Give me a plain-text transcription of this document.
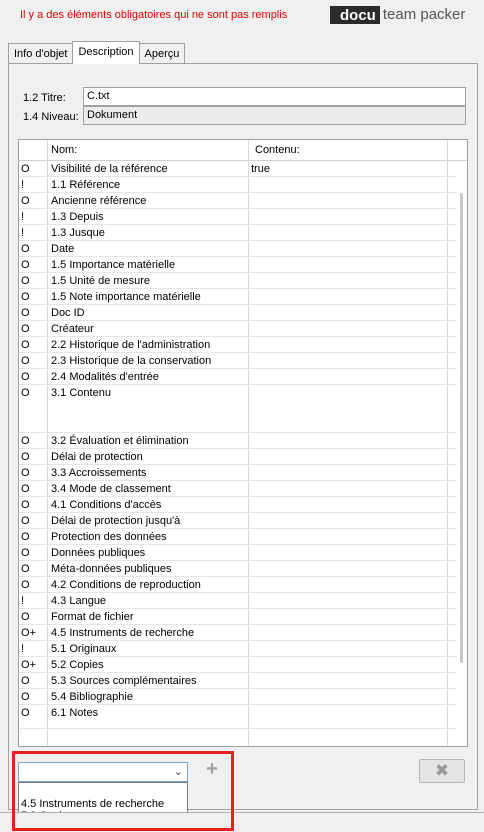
Il y a des éléments obligatoires qui ne sont pas remplis	docu team packer
Info d'objet	Description	Aperçu
1.2 Titre:	C.txt
1.4 Niveau: Dokument
Nom:	Contenu:
O Visibilité de la référence	true
! 1.1 Référence
O Ancienne référence
! 1.3 Depuis
! 1.3 Jusque
O Date
O 1.5 Importance matérielle
O 1.5 Unité de mesure
O 1.5 Note importance matérielle
O Doc ID
O Créateur
O 2.2 Historique de l'administration
O 2.3 Historique de la conservation
O 2.4 Modalités d'entrée
O 3.1 Contenu
O 3.2 Évaluation et élimination
O Délai de protection
O 3.3 Accroissements
O 3.4 Mode de classement
O 4.1 Conditions d'accès
O Délai de protection jusqu'à
O Protection des données
O Données publiques
O Méta-données publiques
O 4.2 Conditions de reproduction
! 4.3 Langue
O Format de fichier
O+ 4.5 Instruments de recherche
! 5.1 Originaux
O+ 5.2 Copies
O 5.3 Sources complémentaires
O 5.4 Bibliographie
O 6.1 Notes
⌄
4.5 Instruments de recherche
+	✖
